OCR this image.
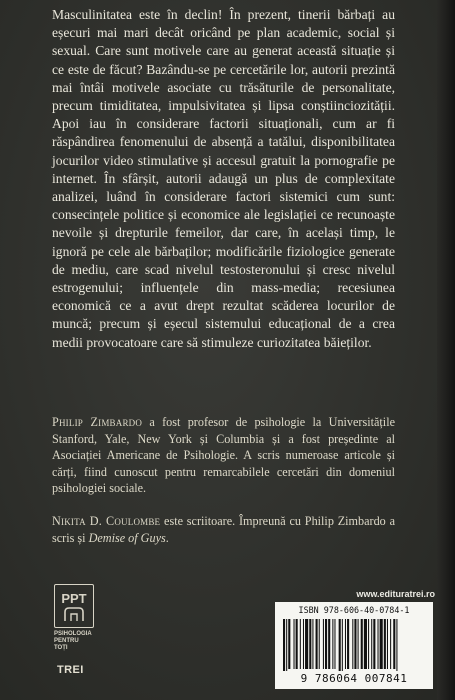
Masculinitatea este în declin! În prezent, tinerii bărbați au eșecuri mai mari decât oricând pe plan academic, social și sexual. Care sunt motivele care au generat această situație și ce este de făcut? Bazându-se pe cercetările lor, autorii prezintă mai întâi motivele asociate cu trăsăturile de personalitate, precum timiditatea, impulsivitatea și lipsa conștiinciozității. Apoi iau în considerare factorii situaționali, cum ar fi răspândirea fenomenului de absență a tatălui, disponibilitatea jocurilor video stimulative și accesul gratuit la pornografie pe internet. În sfârșit, autorii adaugă un plus de complexitate analizei, luând în considerare factori sistemici cum sunt: consecințele politice și economice ale legislației ce recunoaște nevoile și drepturile femeilor, dar care, în același timp, le ignoră pe cele ale bărbaților; modificările fiziologice generate de mediu, care scad nivelul testosteronului și cresc nivelul estrogenului; influențele din mass-media; recesiunea economică ce a avut drept rezultat scăderea locurilor de muncă; precum și eșecul sistemului educațional de a crea medii provocatoare care să stimuleze curiozitatea băieților.

Philip Zimbardo a fost profesor de psihologie la Universitățile Stanford, Yale, New York și Columbia și a fost președinte al Asociației Americane de Psihologie. A scris numeroase articole și cărți, fiind cunoscut pentru remarcabilele cercetări din domeniul psihologiei sociale.

Nikita D. Coulombe este scriitoare. Împreună cu Philip Zimbardo a scris și Demise of Guys.

PPT
PSIHOLOGIA
PENTRU
TOȚI
TREI
www.edituratrei.ro
ISBN 978-606-40-0784-1
9 786064 007841
